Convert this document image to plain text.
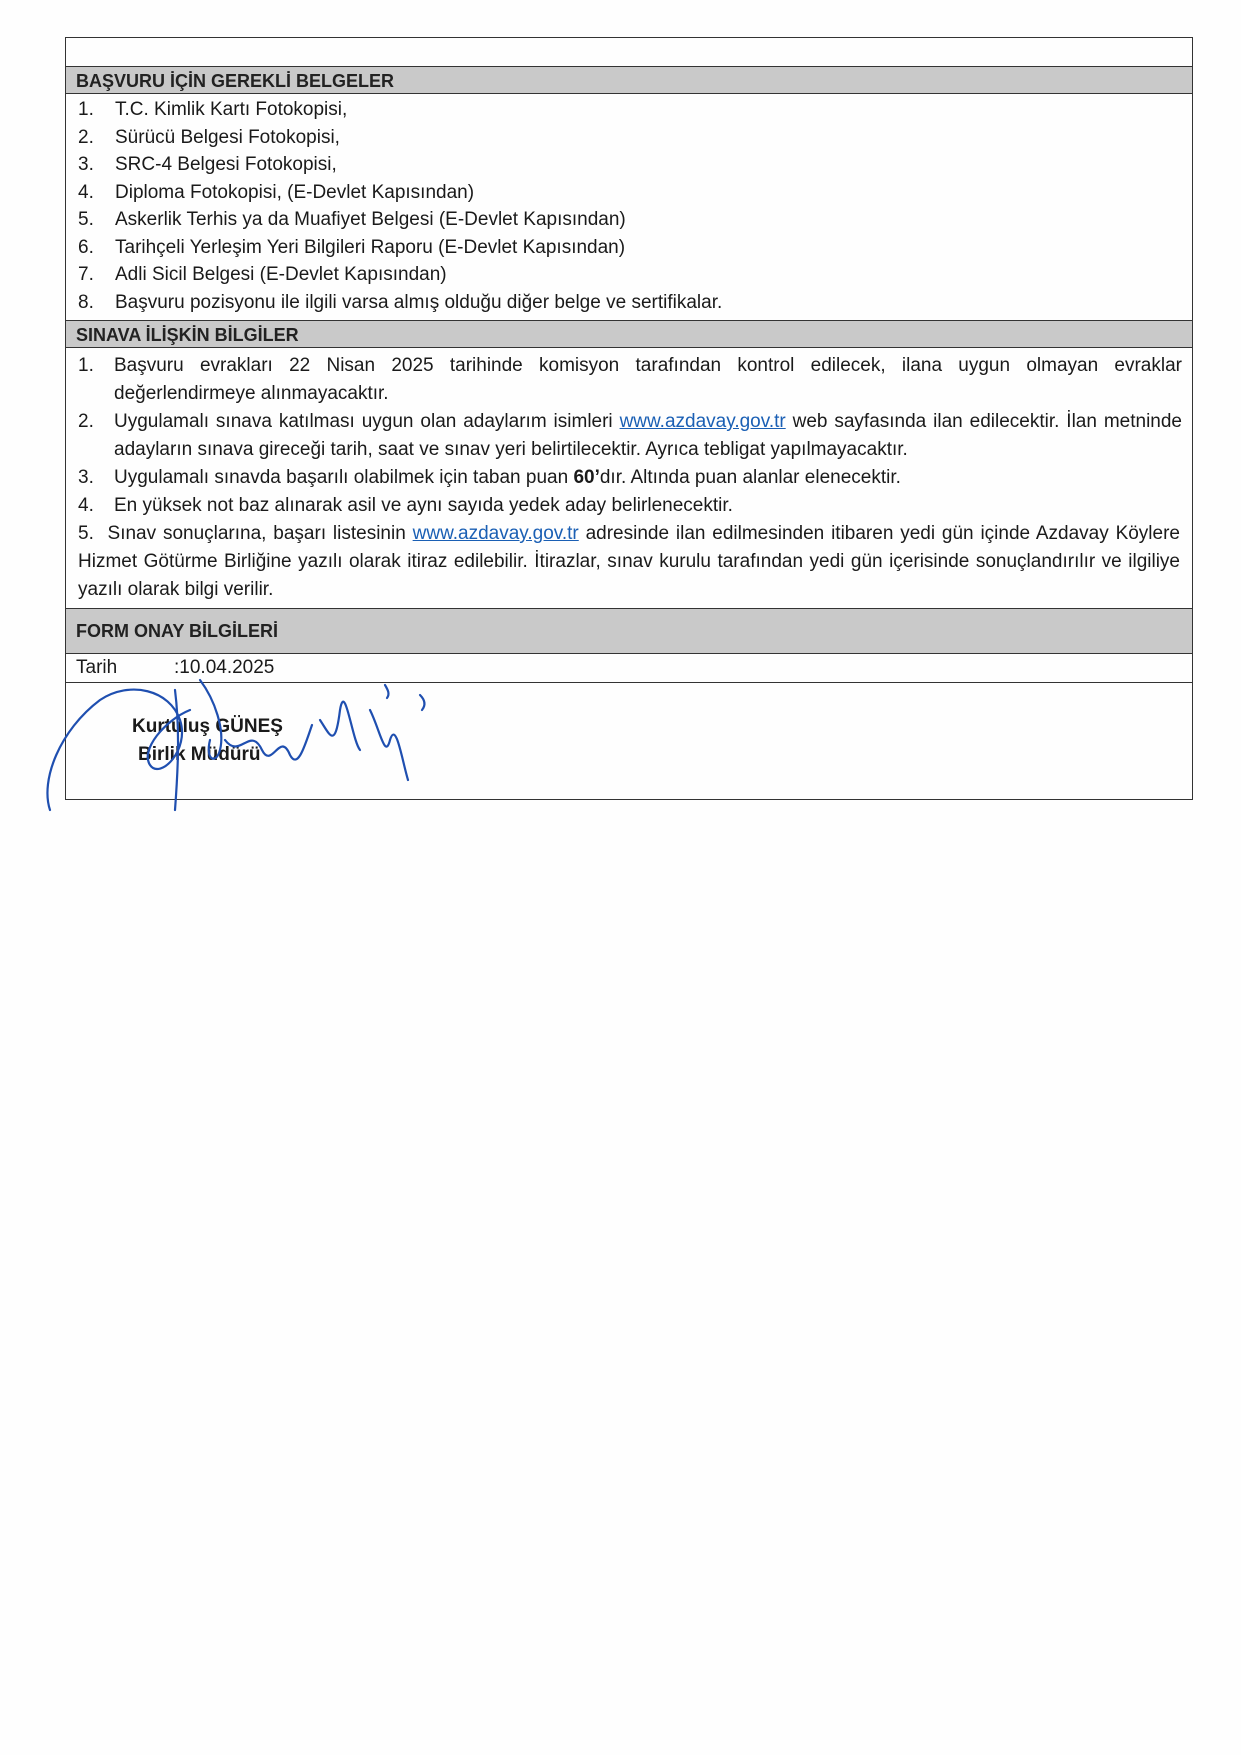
BAŞVURU İÇİN GEREKLİ BELGELER
1.	T.C. Kimlik Kartı Fotokopisi,
2.	Sürücü Belgesi Fotokopisi,
3.	SRC-4 Belgesi Fotokopisi,
4.	Diploma Fotokopisi, (E-Devlet Kapısından)
5.	Askerlik Terhis ya da Muafiyet Belgesi (E-Devlet Kapısından)
6.	Tarihçeli Yerleşim Yeri Bilgileri Raporu (E-Devlet Kapısından)
7.	Adli Sicil Belgesi (E-Devlet Kapısından)
8.	Başvuru pozisyonu ile ilgili varsa almış olduğu diğer belge ve sertifikalar.
SINAVA İLİŞKİN BİLGİLER
1.	Başvuru evrakları 22 Nisan 2025 tarihinde komisyon tarafından kontrol edilecek, ilana uygun olmayan evraklar değerlendirmeye alınmayacaktır.
2.	Uygulamalı sınava katılması uygun olan adaylarım isimleri www.azdavay.gov.tr web sayfasında ilan edilecektir. İlan metninde adayların sınava gireceği tarih, saat ve sınav yeri belirtilecektir. Ayrıca tebligat yapılmayacaktır.
3.	Uygulamalı sınavda başarılı olabilmek için taban puan 60’dır. Altında puan alanlar elenecektir.
4.	En yüksek not baz alınarak asil ve aynı sayıda yedek aday belirlenecektir.
5. Sınav sonuçlarına, başarı listesinin www.azdavay.gov.tr adresinde ilan edilmesinden itibaren yedi gün içinde Azdavay Köylere Hizmet Götürme Birliğine yazılı olarak itiraz edilebilir. İtirazlar, sınav kurulu tarafından yedi gün içerisinde sonuçlandırılır ve ilgiliye yazılı olarak bilgi verilir.
FORM ONAY BİLGİLERİ
Tarih	:10.04.2025
Kurtuluş GÜNEŞ
Birlik Müdürü
